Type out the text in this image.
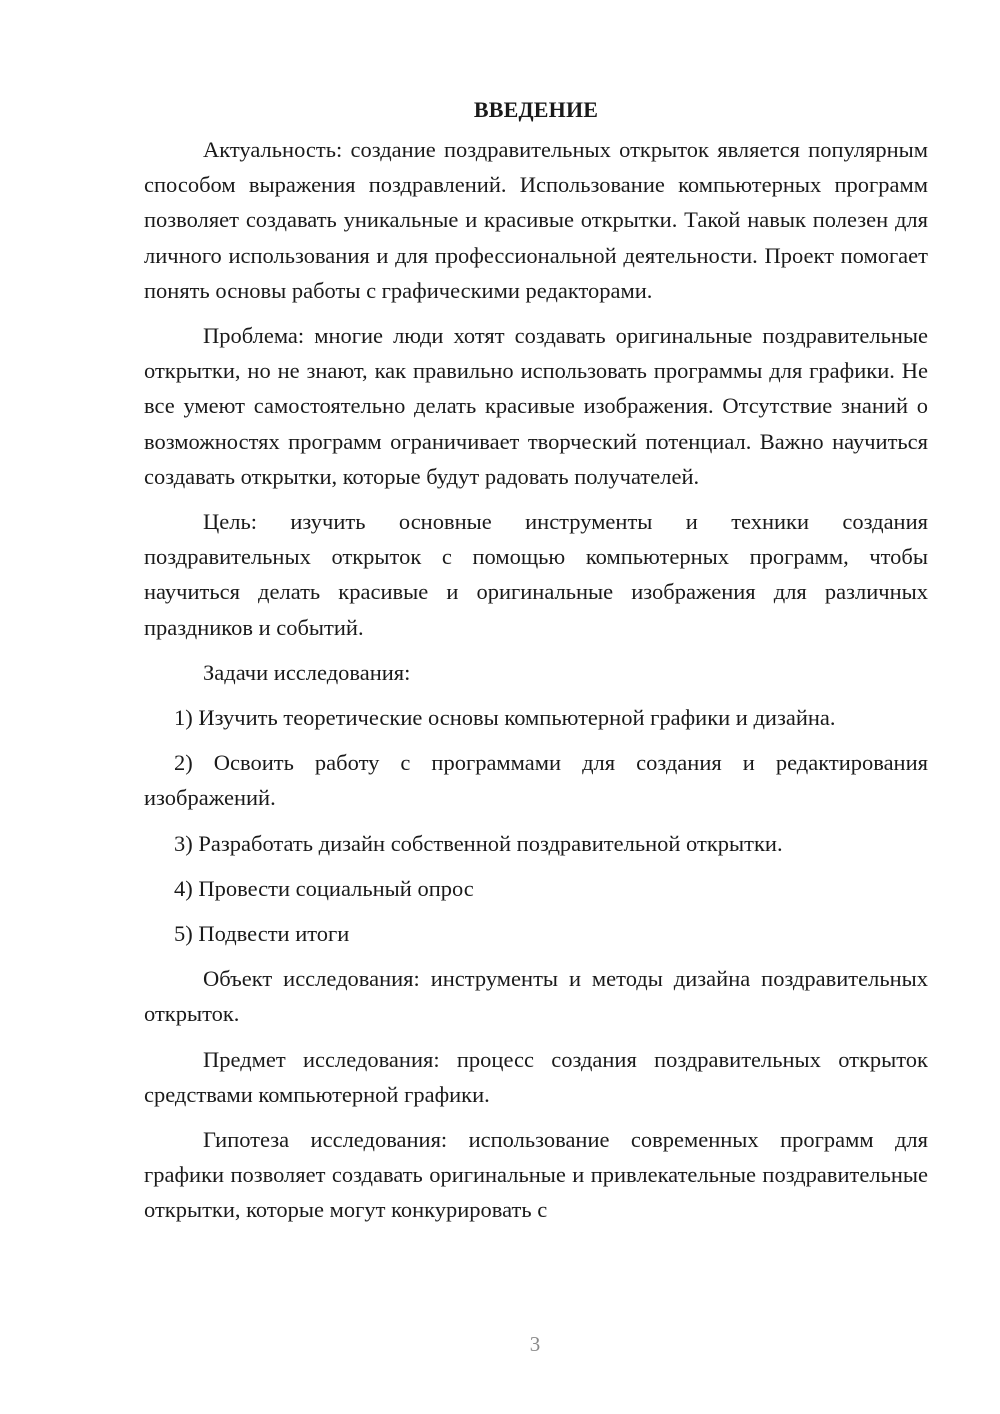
ВВЕДЕНИЕ

Актуальность: создание поздравительных открыток является популярным способом выражения поздравлений. Использование компьютерных программ позволяет создавать уникальные и красивые открытки. Такой навык полезен для личного использования и для профессиональной деятельности. Проект помогает понять основы работы с графическими редакторами.

Проблема: многие люди хотят создавать оригинальные поздравительные открытки, но не знают, как правильно использовать программы для графики. Не все умеют самостоятельно делать красивые изображения. Отсутствие знаний о возможностях программ ограничивает творческий потенциал. Важно научиться создавать открытки, которые будут радовать получателей.

Цель: изучить основные инструменты и техники создания поздравительных открыток с помощью компьютерных программ, чтобы научиться делать красивые и оригинальные изображения для различных праздников и событий.

Задачи исследования:

1) Изучить теоретические основы компьютерной графики и дизайна.

2) Освоить работу с программами для создания и редактирования изображений.

3) Разработать дизайн собственной поздравительной открытки.

4) Провести социальный опрос

5) Подвести итоги

Объект исследования: инструменты и методы дизайна поздравительных открыток.

Предмет исследования: процесс создания поздравительных открыток средствами компьютерной графики.

Гипотеза исследования: использование современных программ для графики позволяет создавать оригинальные и привлекательные поздравительные открытки, которые могут конкурировать с

3
